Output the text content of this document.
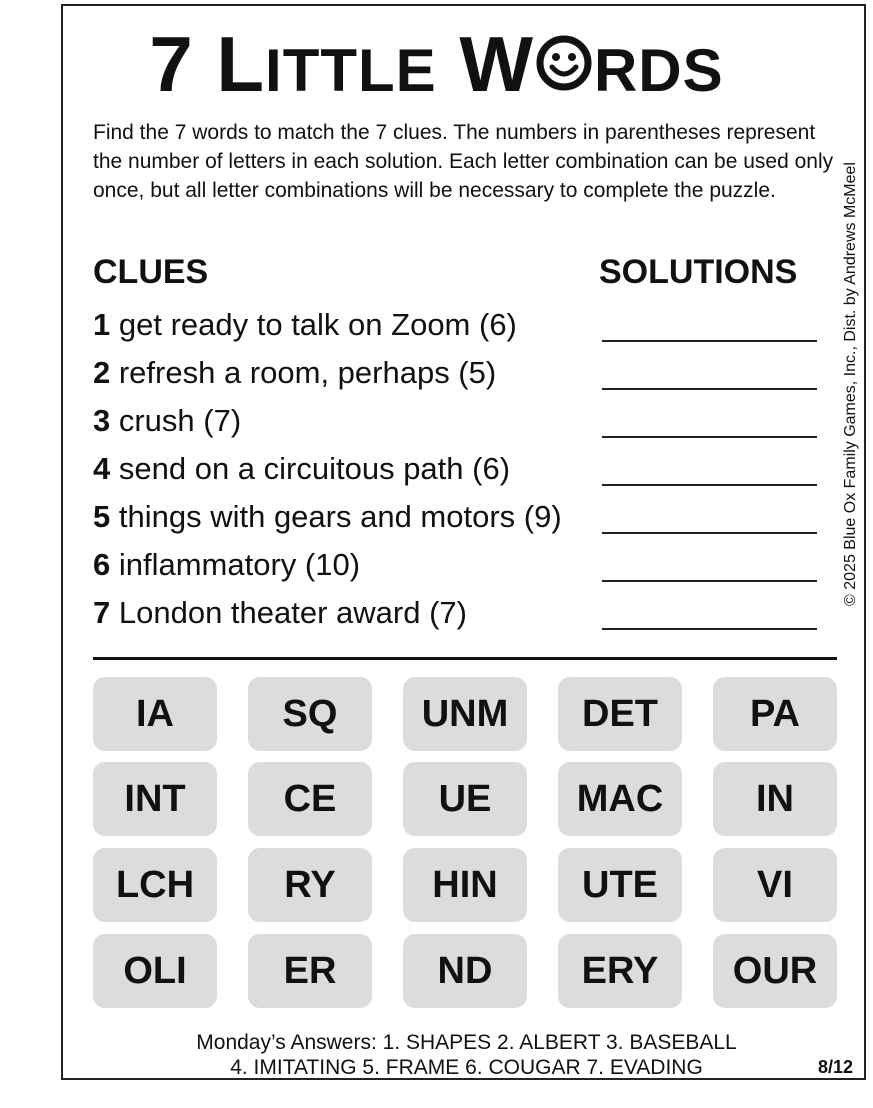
7 LITTLE W RDS
Find the 7 words to match the 7 clues. The numbers in parentheses represent the number of letters in each solution. Each letter combination can be used only once, but all letter combinations will be necessary to complete the puzzle.	© 2025 Blue Ox Family Games, Inc., Dist. by Andrews McMeel
CLUES	SOLUTIONS
1 get ready to talk on Zoom (6)
2 refresh a room, perhaps (5)
3 crush (7)
4 send on a circuitous path (6)
5 things with gears and motors (9)
6 inflammatory (10)
7 London theater award (7)
IA	SQ	UNM	DET	PA
INT	CE	UE	MAC	IN
LCH	RY	HIN	UTE	VI
OLI	ER	ND	ERY	OUR
Monday’s Answers: 1. SHAPES 2. ALBERT 3. BASEBALL
4. IMITATING 5. FRAME 6. COUGAR 7. EVADING	8/12
